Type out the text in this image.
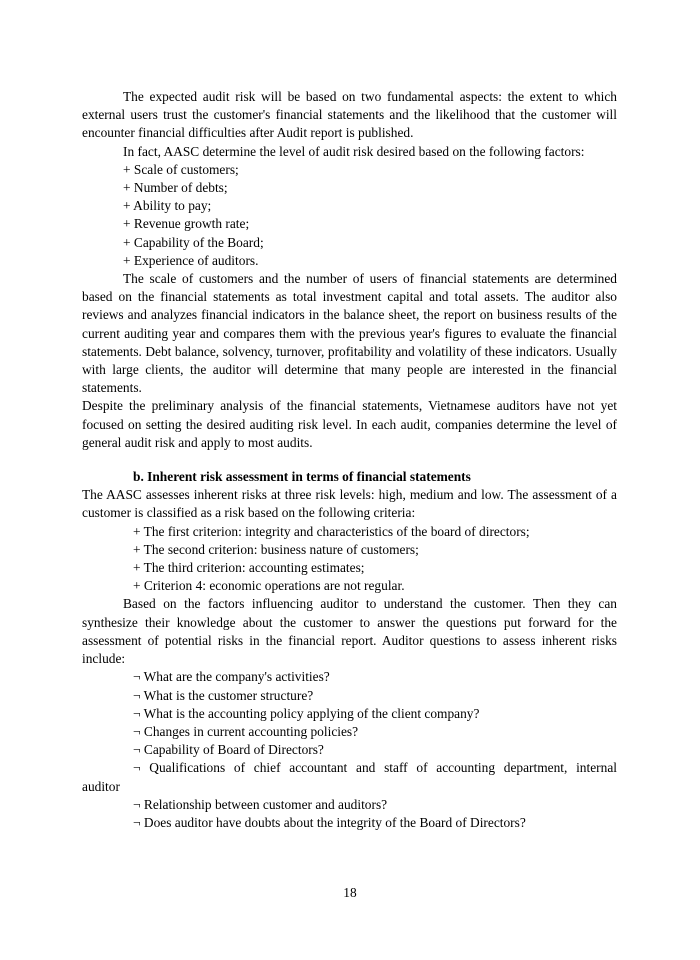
The expected audit risk will be based on two fundamental aspects: the extent to which external users trust the customer's financial statements and the likelihood that the customer will encounter financial difficulties after Audit report is published.

In fact, AASC determine the level of audit risk desired based on the following factors:

+ Scale of customers;

+ Number of debts;

+ Ability to pay;

+ Revenue growth rate;

+ Capability of the Board;

+ Experience of auditors.

The scale of customers and the number of users of financial statements are determined based on the financial statements as total investment capital and total assets. The auditor also reviews and analyzes financial indicators in the balance sheet, the report on business results of the current auditing year and compares them with the previous year's figures to evaluate the financial statements. Debt balance, solvency, turnover, profitability and volatility of these indicators. Usually with large clients, the auditor will determine that many people are interested in the financial statements.

Despite the preliminary analysis of the financial statements, Vietnamese auditors have not yet focused on setting the desired auditing risk level. In each audit, companies determine the level of general audit risk and apply to most audits.

b. Inherent risk assessment in terms of financial statements

The AASC assesses inherent risks at three risk levels: high, medium and low. The assessment of a customer is classified as a risk based on the following criteria:

+ The first criterion: integrity and characteristics of the board of directors;

+ The second criterion: business nature of customers;

+ The third criterion: accounting estimates;

+ Criterion 4: economic operations are not regular.

Based on the factors influencing auditor to understand the customer. Then they can synthesize their knowledge about the customer to answer the questions put forward for the assessment of potential risks in the financial report. Auditor questions to assess inherent risks include:

¬ What are the company's activities?

¬ What is the customer structure?

¬ What is the accounting policy applying of the client company?

¬ Changes in current accounting policies?

¬ Capability of Board of Directors?

¬ Qualifications of chief accountant and staff of accounting department, internal

auditor

¬ Relationship between customer and auditors?

¬ Does auditor have doubts about the integrity of the Board of Directors?

18
